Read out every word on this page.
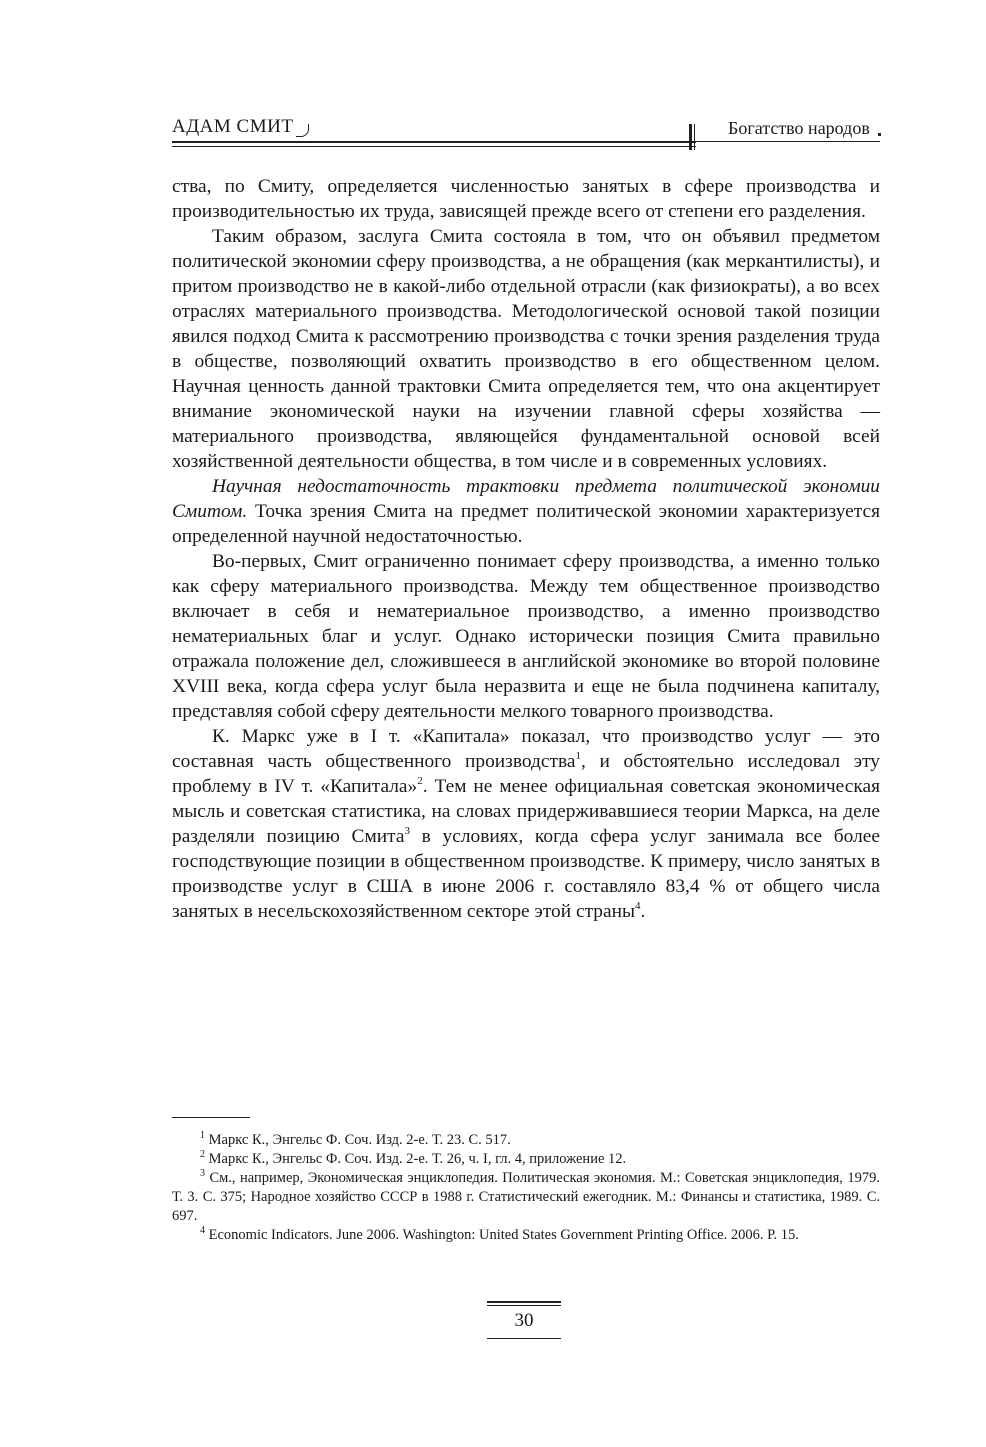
АДАМ СМИТ	Богатство народов

ства, по Смиту, определяется численностью занятых в сфере производства и производительностью их труда, зависящей прежде всего от степени его разделения.

Таким образом, заслуга Смита состояла в том, что он объявил предметом политической экономии сферу производства, а не обращения (как меркантилисты), и притом производство не в какой-либо отдельной отрасли (как физиократы), а во всех отраслях материального производства. Методологической основой такой позиции явился подход Смита к рассмотрению производства с точки зрения разделения труда в обществе, позволяющий охватить производство в его общественном целом. Научная ценность данной трактовки Смита определяется тем, что она акцентирует внимание экономической науки на изучении главной сферы хозяйства — материального производства, являющейся фундаментальной основой всей хозяйственной деятельности общества, в том числе и в современных условиях.

Научная недостаточность трактовки предмета политической экономии Смитом. Точка зрения Смита на предмет политической экономии характеризуется определенной научной недостаточностью.

Во-первых, Смит ограниченно понимает сферу производства, а именно только как сферу материального производства. Между тем общественное производство включает в себя и нематериальное производство, а именно производство нематериальных благ и услуг. Однако исторически позиция Смита правильно отражала положение дел, сложившееся в английской экономике во второй половине XVIII века, когда сфера услуг была неразвита и еще не была подчинена капиталу, представляя собой сферу деятельности мелкого товарного производства.

К. Маркс уже в I т. «Капитала» показал, что производство услуг — это составная часть общественного производства$^1$, и обстоятельно исследовал эту проблему в IV т. «Капитала»$^2$. Тем не менее официальная советская экономическая мысль и советская статистика, на словах придерживавшиеся теории Маркса, на деле разделяли позицию Смита$^3$ в условиях, когда сфера услуг занимала все более господствующие позиции в общественном производстве. К примеру, число занятых в производстве услуг в США в июне 2006 г. составляло 83,4 % от общего числа занятых в несельскохозяйственном секторе этой страны$^4$.

$^1$ Маркс К., Энгельс Ф. Соч. Изд. 2-е. Т. 23. С. 517.

$^2$ Маркс К., Энгельс Ф. Соч. Изд. 2-е. Т. 26, ч. I, гл. 4, приложение 12.

$^3$ См., например, Экономическая энциклопедия. Политическая экономия. М.: Советская энциклопедия, 1979. Т. 3. С. 375; Народное хозяйство СССР в 1988 г. Статистический ежегодник. М.: Финансы и статистика, 1989. С. 697.

$^4$ Economic Indicators. June 2006. Washington: United States Government Printing Office. 2006. P. 15.

30
